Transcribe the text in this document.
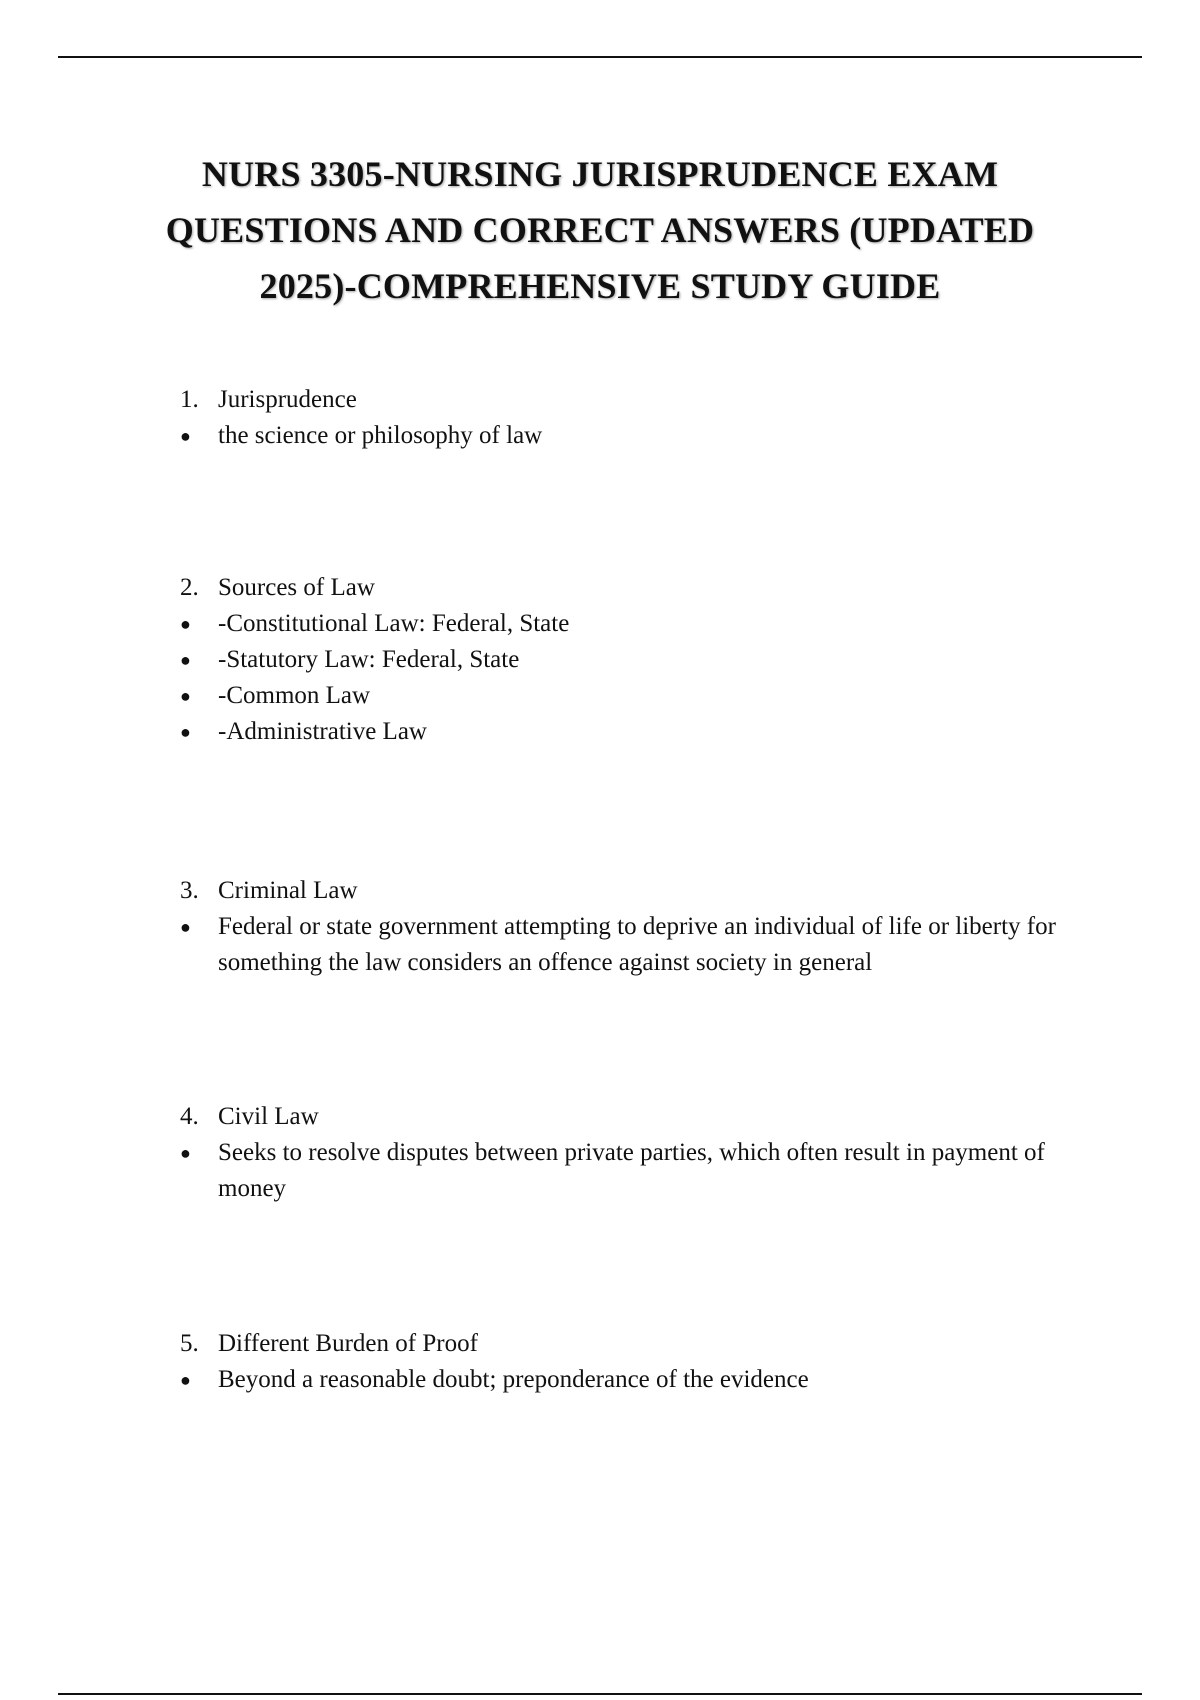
NURS 3305-NURSING JURISPRUDENCE EXAM QUESTIONS AND CORRECT ANSWERS (UPDATED 2025)-COMPREHENSIVE STUDY GUIDE
1. Jurisprudence
●	the science or philosophy of law
2. Sources of Law
●	-Constitutional Law: Federal, State
●	-Statutory Law: Federal, State
●	-Common Law
●	-Administrative Law
3. Criminal Law
●	Federal or state government attempting to deprive an individual of life or liberty for something the law considers an offence against society in general
4. Civil Law
●	Seeks to resolve disputes between private parties, which often result in payment of money
5. Different Burden of Proof
●	Beyond a reasonable doubt; preponderance of the evidence
